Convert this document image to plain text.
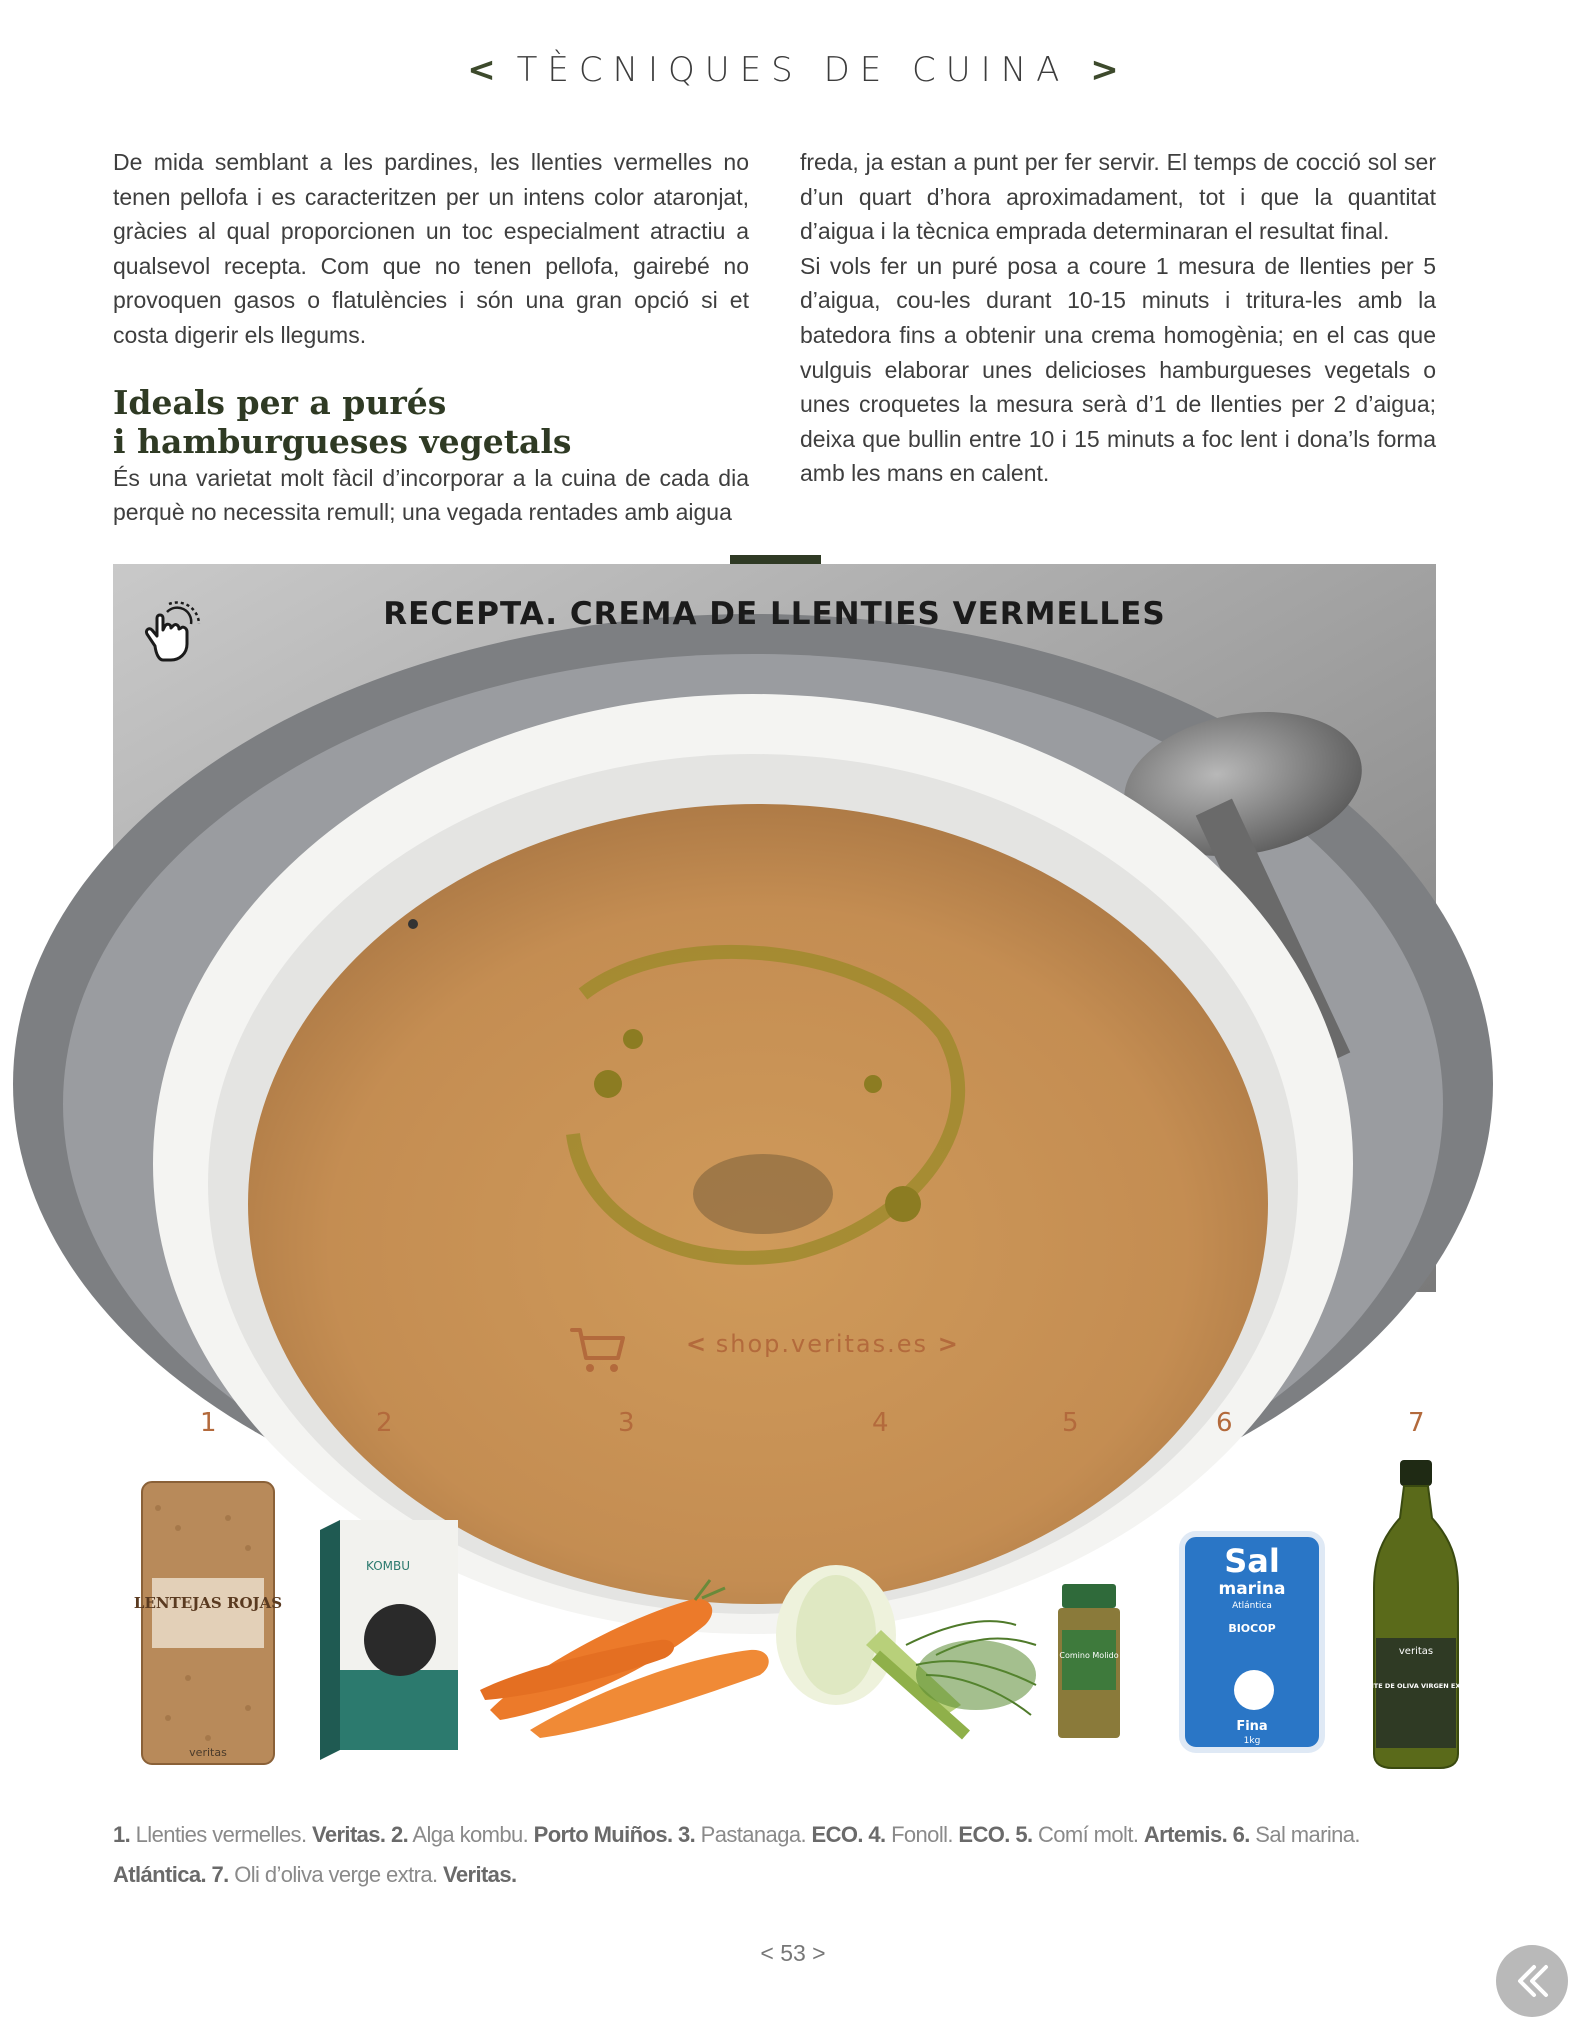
< TÈCNIQUES DE CUINA >

De mida semblant a les pardines, les llenties vermelles no tenen pellofa i es caracteritzen per un intens color ataronjat, gràcies al qual proporcionen un toc especialment atractiu a qualsevol recepta. Com que no tenen pellofa, gairebé no provoquen gasos o flatulències i són una gran opció si et costa digerir els llegums.

Ideals per a purés
i hamburgueses vegetals

És una varietat molt fàcil d’incorporar a la cuina de cada dia perquè no necessita remull; una vegada rentades amb aigua

freda, ja estan a punt per fer servir. El temps de cocció sol ser d’un quart d’hora aproximadament, tot i que la quantitat d’aigua i la tècnica emprada determinaran el resultat final.

Si vols fer un puré posa a coure 1 mesura de llenties per 5 d’aigua, cou-les durant 10-15 minuts i tritura-les amb la batedora fins a obtenir una crema homogènia; en el cas que vulguis elaborar unes delicioses hamburgueses vegetals o unes croquetes la mesura serà d’1 de llenties per 2 d’aigua; deixa que bullin entre 10 i 15 minuts a foc lent i dona’ls forma amb les mans en calent.

RECEPTA. CREMA DE LLENTIES VERMELLES
< shop.veritas.es >
1	2	3	4	5	6	7
LENTEJAS ROJAS
veritas
KOMBU
Comino Molido
Sal
marina
Atlántica
BIOCOP
Fina
1kg
veritas
ACEITE DE OLIVA VIRGEN EXTRA
1. Llenties vermelles. Veritas. 2. Alga kombu. Porto Muiños. 3. Pastanaga. ECO. 4. Fonoll. ECO. 5. Comí molt. Artemis. 6. Sal marina.
Atlántica. 7. Oli d’oliva verge extra. Veritas.
< 53 >
